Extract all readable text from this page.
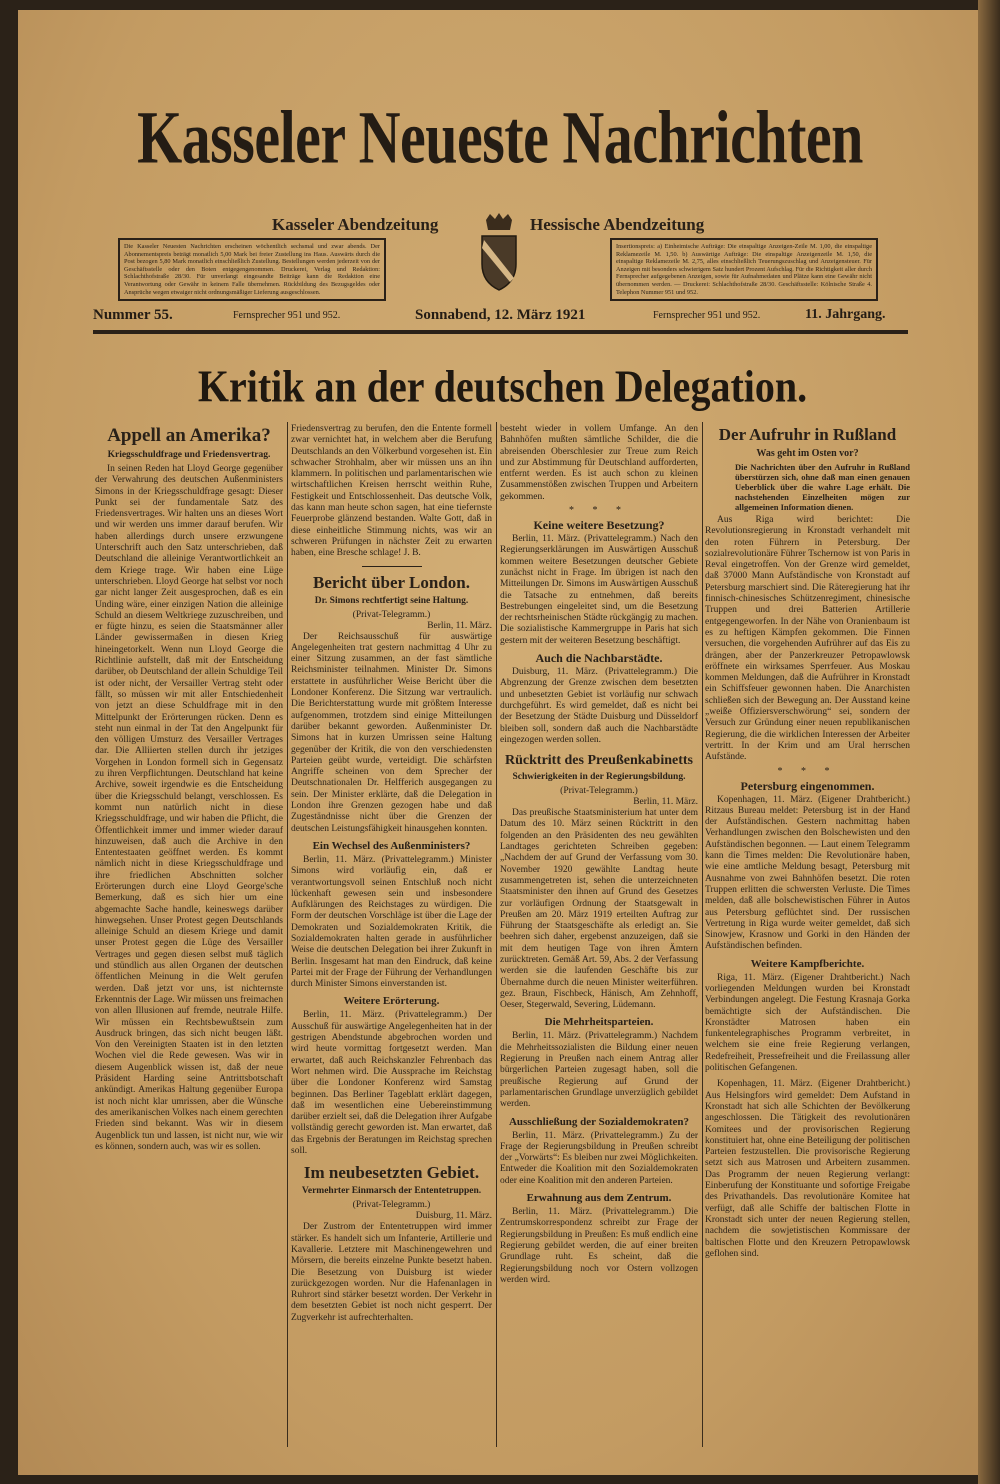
Kasseler Neueste Nachrichten
Kasseler Abendzeitung	Hessische Abendzeitung
Die Kasseler Neuesten Nachrichten erscheinen wöchentlich sechsmal und zwar abends. Der Abonnementspreis beträgt monatlich 5,00 Mark bei freier Zustellung ins Haus. Auswärts durch die Post bezogen 5,80 Mark monatlich einschließlich Zustellung. Bestellungen werden jederzeit von der Geschäftsstelle oder den Boten entgegengenommen. Druckerei, Verlag und Redaktion: Schlachthofstraße 28/30. Für unverlangt eingesandte Beiträge kann die Redaktion eine Verantwortung oder Gewähr in keinem Falle übernehmen. Rückbildung des Bezugsgeldes oder Ansprüche wegen etwaiger nicht ordnungsmäßiger Lieferung ausgeschlossen.
Insertionspreis: a) Einheimische Aufträge: Die einspaltige Anzeigen-Zeile M. 1,00, die einspaltige Reklamezeile M. 1,50. b) Auswärtige Aufträge: Die einspaltige Anzeigenzeile M. 1,50, die einspaltige Reklamezeile M. 2,75, alles einschließlich Teuerungszuschlag und Anzeigensteuer. Für Anzeigen mit besonders schwierigem Satz hundert Prozent Aufschlag. Für die Richtigkeit aller durch Fernsprecher aufgegebenen Anzeigen, sowie für Aufnahmedaten und Plätze kann eine Gewähr nicht übernommen werden. — Druckerei: Schlachthofstraße 28/30. Geschäftsstelle: Kölnische Straße 4. Telephon Nummer 951 und 952.
Nummer 55.	Fernsprecher 951 und 952.	Sonnabend, 12. März 1921	Fernsprecher 951 und 952.	11. Jahrgang.
Kritik an der deutschen Delegation.

Appell an Amerika?

Kriegsschuldfrage und Friedensvertrag.

In seinen Reden hat Lloyd George gegenüber der Verwahrung des deutschen Außenministers Simons in der Kriegsschuldfrage gesagt: Dieser Punkt sei der fundamentale Satz des Friedensvertrages. Wir halten uns an dieses Wort und wir werden uns immer darauf berufen. Wir haben allerdings durch unsere erzwungene Unterschrift auch den Satz unterschrieben, daß Deutschland die alleinige Verantwortlichkeit an dem Kriege trage. Wir haben eine Lüge unterschrieben. Lloyd George hat selbst vor noch gar nicht langer Zeit ausgesprochen, daß es ein Unding wäre, einer einzigen Nation die alleinige Schuld an diesem Weltkriege zuzuschreiben, und er fügte hinzu, es seien die Staatsmänner aller Länder gewissermaßen in diesen Krieg hineingetorkelt. Wenn nun Lloyd George die Richtlinie aufstellt, daß mit der Entscheidung darüber, ob Deutschland der allein Schuldige Teil ist oder nicht, der Versailler Vertrag steht oder fällt, so müssen wir mit aller Entschiedenheit von jetzt an diese Schuldfrage mit in den Mittelpunkt der Erörterungen rücken. Denn es steht nun einmal in der Tat den Angelpunkt für den völligen Umsturz des Versailler Vertrages dar. Die Alliierten stellen durch ihr jetziges Vorgehen in London formell sich in Gegensatz zu ihren Verpflichtungen. Deutschland hat keine Archive, soweit irgendwie es die Entscheidung über die Kriegsschuld belangt, verschlossen. Es kommt nun natürlich nicht in diese Kriegsschuldfrage, und wir haben die Pflicht, die Öffentlichkeit immer und immer wieder darauf hinzuweisen, daß auch die Archive in den Ententestaaten geöffnet werden. Es kommt nämlich nicht in diese Kriegsschuldfrage und ihre friedlichen Abschnitten solcher Erörterungen durch eine Lloyd George'sche Bemerkung, daß es sich hier um eine abgemachte Sache handle, keineswegs darüber hinwegsehen. Unser Protest gegen Deutschlands alleinige Schuld an diesem Kriege und damit unser Protest gegen die Lüge des Versailler Vertrages und gegen diesen selbst muß täglich und stündlich aus allen Organen der deutschen öffentlichen Meinung in die Welt gerufen werden. Daß jetzt vor uns, ist nichternste Erkenntnis der Lage. Wir müssen uns freimachen von allen Illusionen auf fremde, neutrale Hilfe. Wir müssen ein Rechtsbewußtsein zum Ausdruck bringen, das sich nicht beugen läßt. Von den Vereinigten Staaten ist in den letzten Wochen viel die Rede gewesen. Was wir in diesem Augenblick wissen ist, daß der neue Präsident Harding seine Antrittsbotschaft ankündigt. Amerikas Haltung gegenüber Europa ist noch nicht klar umrissen, aber die Wünsche des amerikanischen Volkes nach einem gerechten Frieden sind bekannt. Was wir in diesem Augenblick tun und lassen, ist nicht nur, wie wir es können, sondern auch, was wir es sollen.

Friedensvertrag zu berufen, den die Entente formell zwar vernichtet hat, in welchem aber die Berufung Deutschlands an den Völkerbund vorgesehen ist. Ein schwacher Strohhalm, aber wir müssen uns an ihn klammern. In politischen und parlamentarischen wie wirtschaftlichen Kreisen herrscht weithin Ruhe, Festigkeit und Entschlossenheit. Das deutsche Volk, das kann man heute schon sagen, hat eine tiefernste Feuerprobe glänzend bestanden. Walte Gott, daß in diese einheitliche Stimmung nichts, was wir an schweren Prüfungen in nächster Zeit zu erwarten haben, eine Bresche schlage! J. B.

Bericht über London.

Dr. Simons rechtfertigt seine Haltung.

(Privat-Telegramm.)

Berlin, 11. März.

Der Reichsausschuß für auswärtige Angelegenheiten trat gestern nachmittag 4 Uhr zu einer Sitzung zusammen, an der fast sämtliche Reichsminister teilnahmen. Minister Dr. Simons erstattete in ausführlicher Weise Bericht über die Londoner Konferenz. Die Sitzung war vertraulich. Die Berichterstattung wurde mit größtem Interesse aufgenommen, trotzdem sind einige Mitteilungen darüber bekannt geworden. Außenminister Dr. Simons hat in kurzen Umrissen seine Haltung gegenüber der Kritik, die von den verschiedensten Parteien geübt wurde, verteidigt. Die schärfsten Angriffe scheinen von dem Sprecher der Deutschnationalen Dr. Helfferich ausgegangen zu sein. Der Minister erklärte, daß die Delegation in London ihre Grenzen gezogen habe und daß Zugeständnisse nicht über die Grenzen der deutschen Leistungsfähigkeit hinausgehen konnten.

Ein Wechsel des Außenministers?

Berlin, 11. März. (Privattelegramm.) Minister Simons wird vorläufig ein, daß er verantwortungsvoll seinen Entschluß noch nicht lückenhaft gewesen sein und insbesondere Aufklärungen des Reichstages zu würdigen. Die Form der deutschen Vorschläge ist über die Lage der Demokraten und Sozialdemokraten Kritik, die Sozialdemokraten halten gerade in ausführlicher Weise die deutschen Delegation bei ihrer Zukunft in Berlin. Insgesamt hat man den Eindruck, daß keine Partei mit der Frage der Führung der Verhandlungen durch Minister Simons einverstanden ist.

Weitere Erörterung.

Berlin, 11. März. (Privattelegramm.) Der Ausschuß für auswärtige Angelegenheiten hat in der gestrigen Abendstunde abgebrochen worden und wird heute vormittag fortgesetzt werden. Man erwartet, daß auch Reichskanzler Fehrenbach das Wort nehmen wird. Die Aussprache im Reichstag über die Londoner Konferenz wird Samstag beginnen. Das Berliner Tageblatt erklärt dagegen, daß im wesentlichen eine Uebereinstimmung darüber erzielt sei, daß die Delegation ihrer Aufgabe vollständig gerecht geworden ist. Man erwartet, daß das Ergebnis der Beratungen im Reichstag sprechen soll.

Im neubesetzten Gebiet.

Vermehrter Einmarsch der Ententetruppen.

(Privat-Telegramm.)

Duisburg, 11. März.

Der Zustrom der Ententetruppen wird immer stärker. Es handelt sich um Infanterie, Artillerie und Kavallerie. Letztere mit Maschinengewehren und Mörsern, die bereits einzelne Punkte besetzt haben. Die Besetzung von Duisburg ist wieder zurückgezogen worden. Nur die Hafenanlagen in Ruhrort sind stärker besetzt worden. Der Verkehr in dem besetzten Gebiet ist noch nicht gesperrt. Der Zugverkehr ist aufrechterhalten.

besteht wieder in vollem Umfange. An den Bahnhöfen mußten sämtliche Schilder, die die abreisenden Oberschlesier zur Treue zum Reich und zur Abstimmung für Deutschland aufforderten, entfernt werden. Es ist auch schon zu kleinen Zusammenstößen zwischen Truppen und Arbeitern gekommen.

* * *

Keine weitere Besetzung?

Berlin, 11. März. (Privattelegramm.) Nach den Regierungserklärungen im Auswärtigen Ausschuß kommen weitere Besetzungen deutscher Gebiete zunächst nicht in Frage. Im übrigen ist nach den Mitteilungen Dr. Simons im Auswärtigen Ausschuß die Tatsache zu entnehmen, daß bereits Bestrebungen eingeleitet sind, um die Besetzung der rechtsrheinischen Städte rückgängig zu machen. Die sozialistische Kammergruppe in Paris hat sich gestern mit der weiteren Besetzung beschäftigt.

Auch die Nachbarstädte.

Duisburg, 11. März. (Privattelegramm.) Die Abgrenzung der Grenze zwischen dem besetzten und unbesetzten Gebiet ist vorläufig nur schwach durchgeführt. Es wird gemeldet, daß es nicht bei der Besetzung der Städte Duisburg und Düsseldorf bleiben soll, sondern daß auch die Nachbarstädte eingezogen werden sollen.

Rücktritt des Preußenkabinetts

Schwierigkeiten in der Regierungsbildung.

(Privat-Telegramm.)

Berlin, 11. März.

Das preußische Staatsministerium hat unter dem Datum des 10. März seinen Rücktritt in den folgenden an den Präsidenten des neu gewählten Landtages gerichteten Schreiben gegeben: „Nachdem der auf Grund der Verfassung vom 30. November 1920 gewählte Landtag heute zusammengetreten ist, sehen die unterzeichneten Staatsminister den ihnen auf Grund des Gesetzes zur vorläufigen Ordnung der Staatsgewalt in Preußen am 20. März 1919 erteilten Auftrag zur Führung der Staatsgeschäfte als erledigt an. Sie beehren sich daher, ergebenst anzuzeigen, daß sie mit dem heutigen Tage von ihren Ämtern zurücktreten. Gemäß Art. 59, Abs. 2 der Verfassung werden sie die laufenden Geschäfte bis zur Übernahme durch die neuen Minister weiterführen. gez. Braun, Fischbeck, Hänisch, Am Zehnhoff, Oeser, Stegerwald, Severing, Lüdemann.

Die Mehrheitsparteien.

Berlin, 11. März. (Privattelegramm.) Nachdem die Mehrheitssozialisten die Bildung einer neuen Regierung in Preußen nach einem Antrag aller bürgerlichen Parteien zugesagt haben, soll die preußische Regierung auf Grund der parlamentarischen Grundlage unverzüglich gebildet werden.

Ausschließung der Sozialdemokraten?

Berlin, 11. März. (Privattelegramm.) Zu der Frage der Regierungsbildung in Preußen schreibt der „Vorwärts“: Es bleiben nur zwei Möglichkeiten. Entweder die Koalition mit den Sozialdemokraten oder eine Koalition mit den anderen Parteien.

Erwahnung aus dem Zentrum.

Berlin, 11. März. (Privattelegramm.) Die Zentrumskorrespondenz schreibt zur Frage der Regierungsbildung in Preußen: Es muß endlich eine Regierung gebildet werden, die auf einer breiten Grundlage ruht. Es scheint, daß die Regierungsbildung noch vor Ostern vollzogen werden wird.

Der Aufruhr in Rußland

Was geht im Osten vor?

Die Nachrichten über den Aufruhr in Rußland überstürzen sich, ohne daß man einen genauen Ueberblick über die wahre Lage erhält. Die nachstehenden Einzelheiten mögen zur allgemeinen Information dienen.

Aus Riga wird berichtet: Die Revolutionsregierung in Kronstadt verhandelt mit den roten Führern in Petersburg. Der sozialrevolutionäre Führer Tschernow ist von Paris in Reval eingetroffen. Von der Grenze wird gemeldet, daß 37000 Mann Aufständische von Kronstadt auf Petersburg marschiert sind. Die Räteregierung hat ihr finnisch-chinesisches Schützenregiment, chinesische Truppen und drei Batterien Artillerie entgegengeworfen. In der Nähe von Oranienbaum ist es zu heftigen Kämpfen gekommen. Die Finnen versuchen, die vorgehenden Aufrührer auf das Eis zu drängen, aber der Panzerkreuzer Petropawlowsk eröffnete ein wirksames Sperrfeuer. Aus Moskau kommen Meldungen, daß die Aufrührer in Kronstadt ein Schiffsfeuer gewonnen haben. Die Anarchisten schließen sich der Bewegung an. Der Ausstand keine „weiße Offiziersverschwörung“ sei, sondern der Versuch zur Gründung einer neuen republikanischen Regierung, die die wirklichen Interessen der Arbeiter vertritt. In der Krim und am Ural herrschen Aufstände.

* * *

Petersburg eingenommen.

Kopenhagen, 11. März. (Eigener Drahtbericht.) Ritzaus Bureau meldet: Petersburg ist in der Hand der Aufständischen. Gestern nachmittag haben Verhandlungen zwischen den Bolschewisten und den Aufständischen begonnen. — Laut einem Telegramm kann die Times melden: Die Revolutionäre haben, wie eine amtliche Meldung besagt, Petersburg mit Ausnahme von zwei Bahnhöfen besetzt. Die roten Truppen erlitten die schwersten Verluste. Die Times melden, daß alle bolschewistischen Führer in Autos aus Petersburg geflüchtet sind. Der russischen Vertretung in Riga wurde weiter gemeldet, daß sich Sinowjew, Krasnow und Gorki in den Händen der Aufständischen befinden.

Weitere Kampfberichte.

Riga, 11. März. (Eigener Drahtbericht.) Nach vorliegenden Meldungen wurden bei Kronstadt Verbindungen angelegt. Die Festung Krasnaja Gorka bemächtigte sich der Aufständischen. Die Kronstädter Matrosen haben ein funkentelegraphisches Programm verbreitet, in welchem sie eine freie Regierung verlangen, Redefreiheit, Pressefreiheit und die Freilassung aller politischen Gefangenen.

Kopenhagen, 11. März. (Eigener Drahtbericht.) Aus Helsingfors wird gemeldet: Dem Aufstand in Kronstadt hat sich alle Schichten der Bevölkerung angeschlossen. Die Tätigkeit des revolutionären Komitees und der provisorischen Regierung konstituiert hat, ohne eine Beteiligung der politischen Parteien festzustellen. Die provisorische Regierung setzt sich aus Matrosen und Arbeitern zusammen. Das Programm der neuen Regierung verlangt: Einberufung der Konstituante und sofortige Freigabe des Privathandels. Das revolutionäre Komitee hat verfügt, daß alle Schiffe der baltischen Flotte in Kronstadt sich unter der neuen Regierung stellen, nachdem die sowjetistischen Kommissare der baltischen Flotte und den Kreuzern Petropawlowsk geflohen sind.
